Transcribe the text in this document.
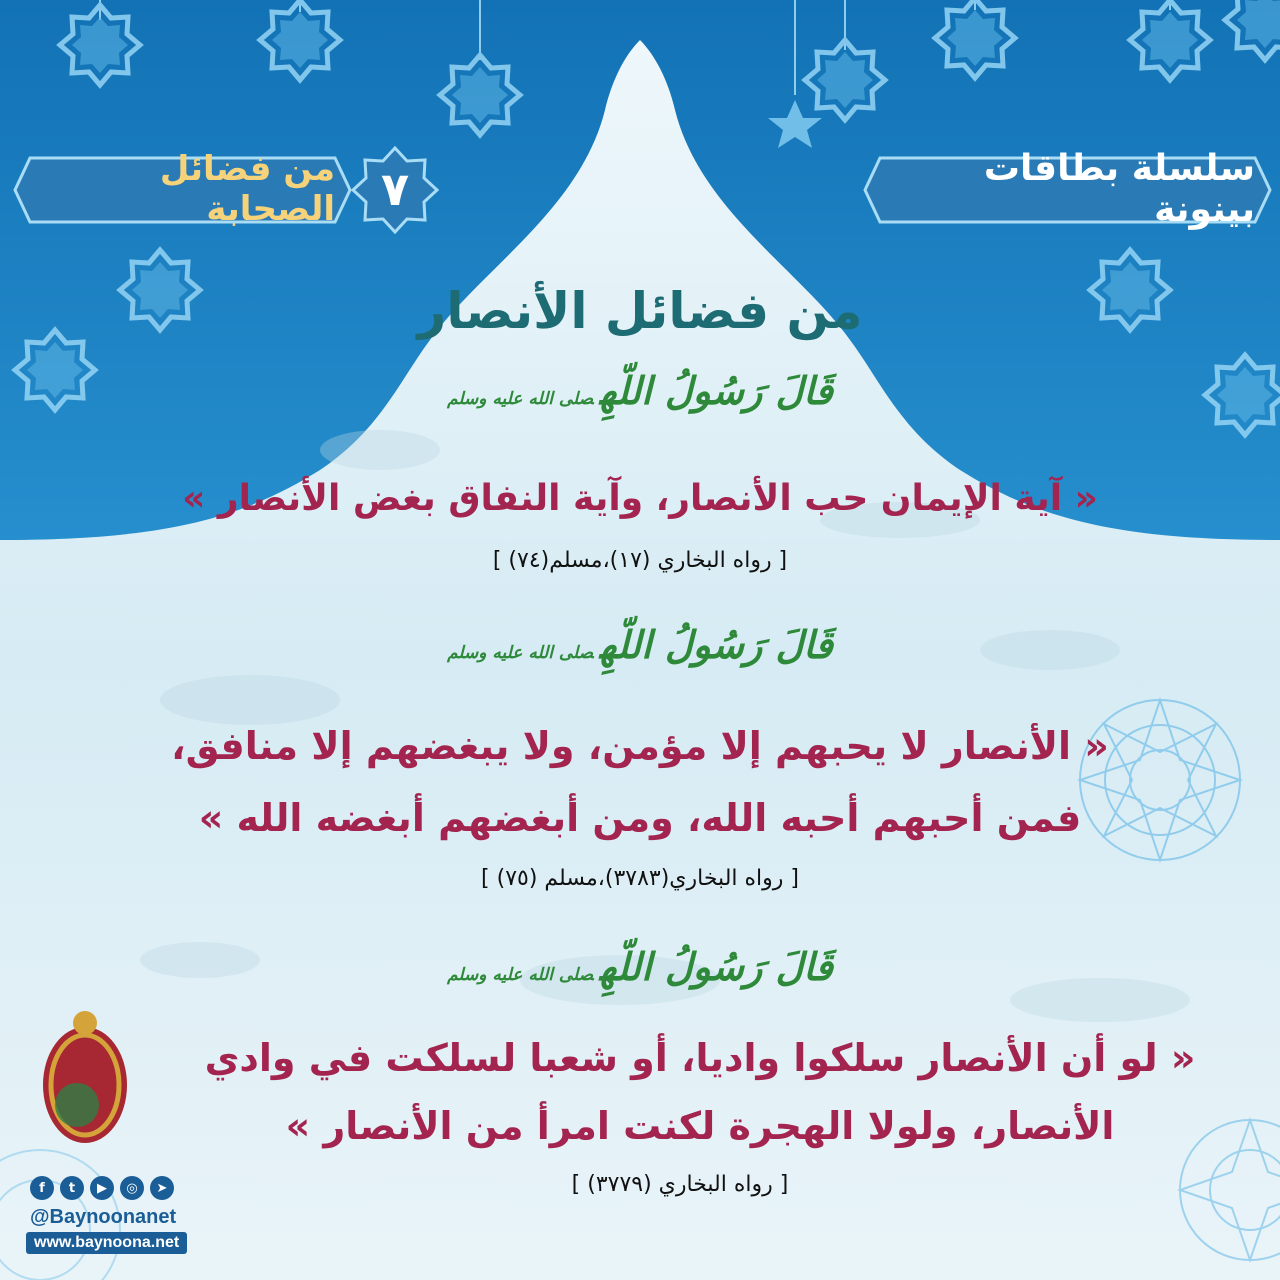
سلسلة بطاقات بينونة
من فضائل الصحابة ٧
من فضائل الأنصار
قَالَ رَسُولُ اللّهِصلى الله عليه وسلم
« آية الإيمان حب الأنصار، وآية النفاق بغض الأنصار »
[ رواه البخاري (١٧)،مسلم(٧٤) ]
قَالَ رَسُولُ اللّهِصلى الله عليه وسلم
« الأنصار لا يحبهم إلا مؤمن، ولا يبغضهم إلا منافق،
فمن أحبهم أحبه الله، ومن أبغضهم أبغضه الله »
[ رواه البخاري(٣٧٨٣)،مسلم (٧٥) ]
قَالَ رَسُولُ اللّهِصلى الله عليه وسلم
« لو أن الأنصار سلكوا واديا، أو شعبا لسلكت في وادي
الأنصار، ولولا الهجرة لكنت امرأ من الأنصار »
[ رواه البخاري (٣٧٧٩) ]
f	t	▶	◎	➤
@Baynoonanet
www.baynoona.net
